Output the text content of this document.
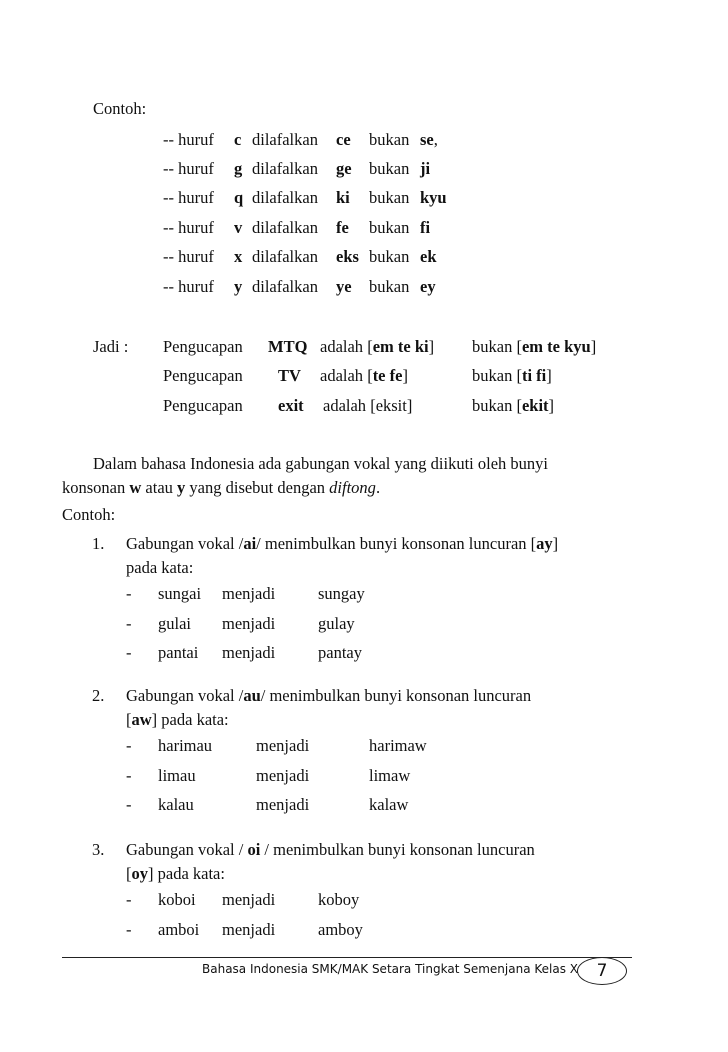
Contoh:
-- huruf c dilafalkan ce bukan se,
-- huruf g dilafalkan ge bukan ji
-- huruf q dilafalkan ki bukan kyu
-- huruf v dilafalkan fe bukan fi
-- huruf x dilafalkan eks bukan ek
-- huruf y dilafalkan ye bukan ey
Jadi : Pengucapan MTQ adalah [em te ki] bukan [em te kyu]
Pengucapan TV adalah [te fe]	bukan [ti fi]
Pengucapan exit adalah [eksit]	bukan [ekit]
Dalam bahasa Indonesia ada gabungan vokal yang diikuti oleh bunyi
konsonan w atau y yang disebut dengan diftong.
Contoh:
1. Gabungan vokal /ai/ menimbulkan bunyi konsonan luncuran [ay]
pada kata:
- sungai menjadi	sungay
- gulai menjadi	gulay
- pantai menjadi	pantay
2. Gabungan vokal /au/ menimbulkan bunyi konsonan luncuran
[aw] pada kata:
- harimau	menjadi	harimaw
- limau	menjadi	limaw
- kalau	menjadi	kalaw
3. Gabungan vokal / oi / menimbulkan bunyi konsonan luncuran
[oy] pada kata:
- koboi menjadi	koboy
- amboi menjadi	amboy
Bahasa Indonesia SMK/MAK Setara Tingkat Semenjana Kelas X	7
